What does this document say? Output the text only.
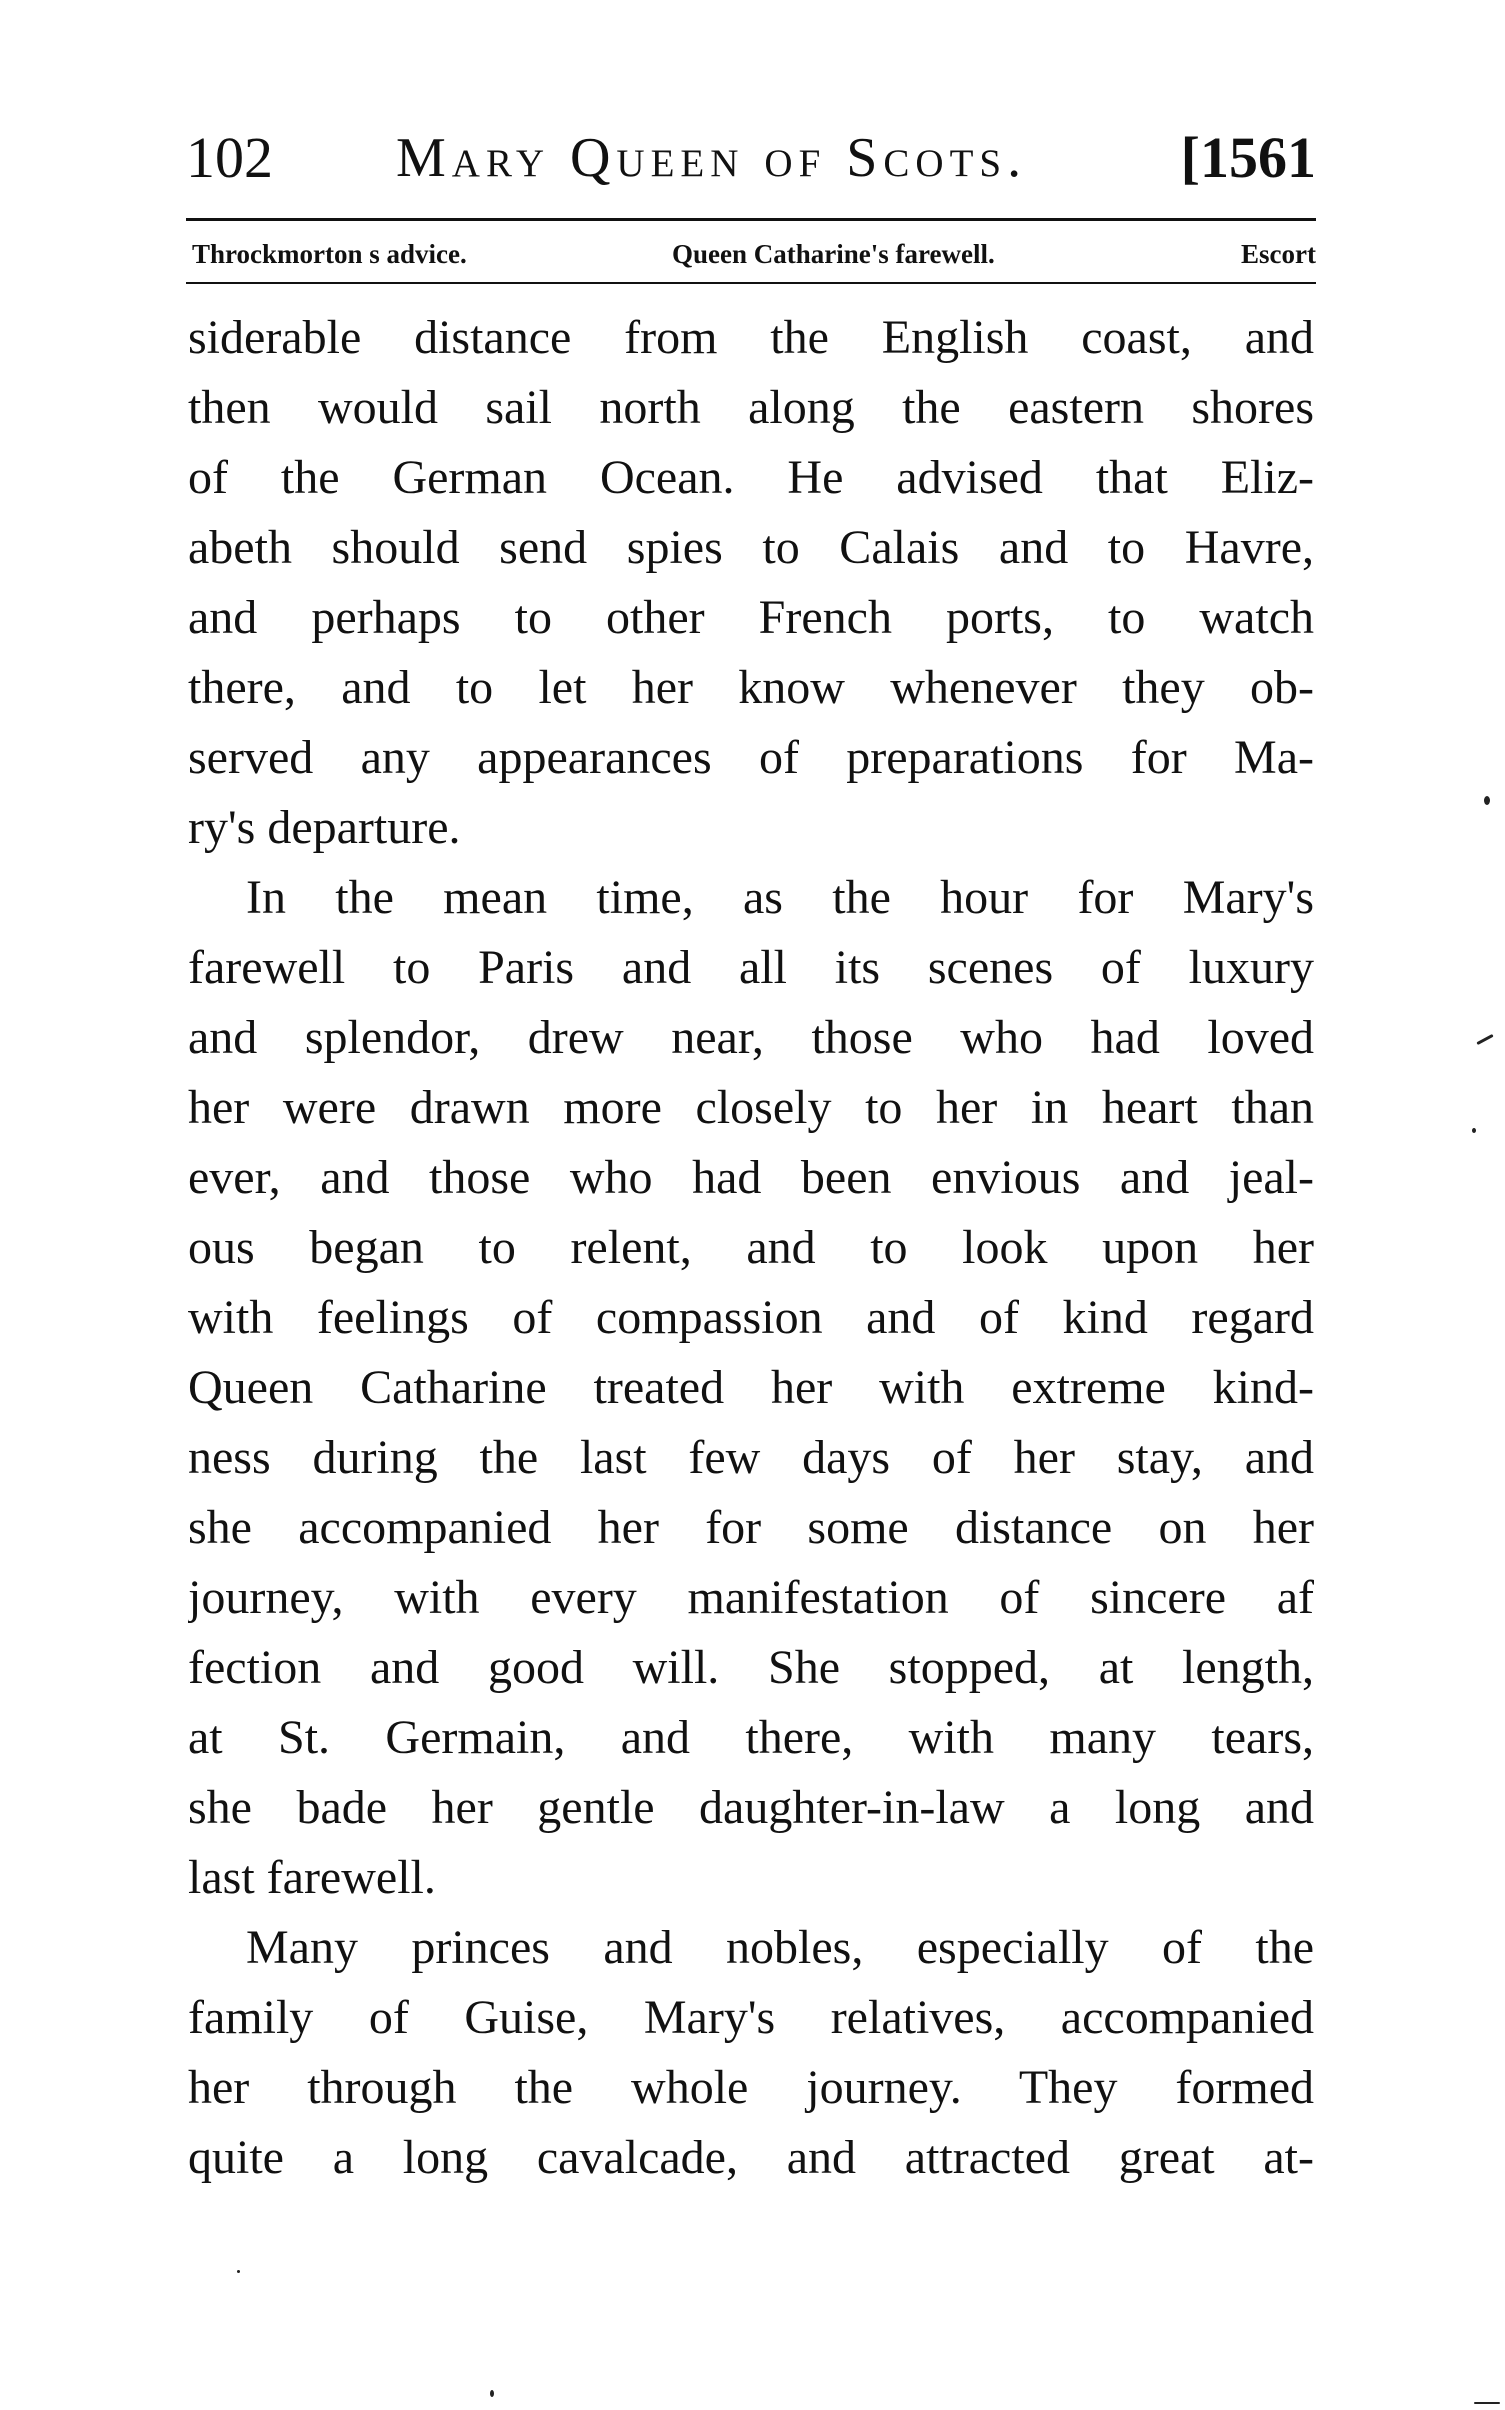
102 Mary Queen of Scots.	[1561
Throckmorton s advice.	Queen Catharine's farewell.	Escort
siderable distance from the English coast, and
then would sail north along the eastern shores
of the German Ocean. He advised that Eliz-
abeth should send spies to Calais and to Havre,
and perhaps to other French ports, to watch
there, and to let her know whenever they ob-
served any appearances of preparations for Ma-
ry's departure.
In the mean time, as the hour for Mary's
farewell to Paris and all its scenes of luxury
and splendor, drew near, those who had loved
her were drawn more closely to her in heart than
ever, and those who had been envious and jeal-
ous began to relent, and to look upon her
with feelings of compassion and of kind regard
Queen Catharine treated her with extreme kind-
ness during the last few days of her stay, and
she accompanied her for some distance on her
journey, with every manifestation of sincere af
fection and good will. She stopped, at length,
at St. Germain, and there, with many tears,
she bade her gentle daughter-in-law a long and
last farewell.
Many princes and nobles, especially of the
family of Guise, Mary's relatives, accompanied
her through the whole journey. They formed
quite a long cavalcade, and attracted great at-
